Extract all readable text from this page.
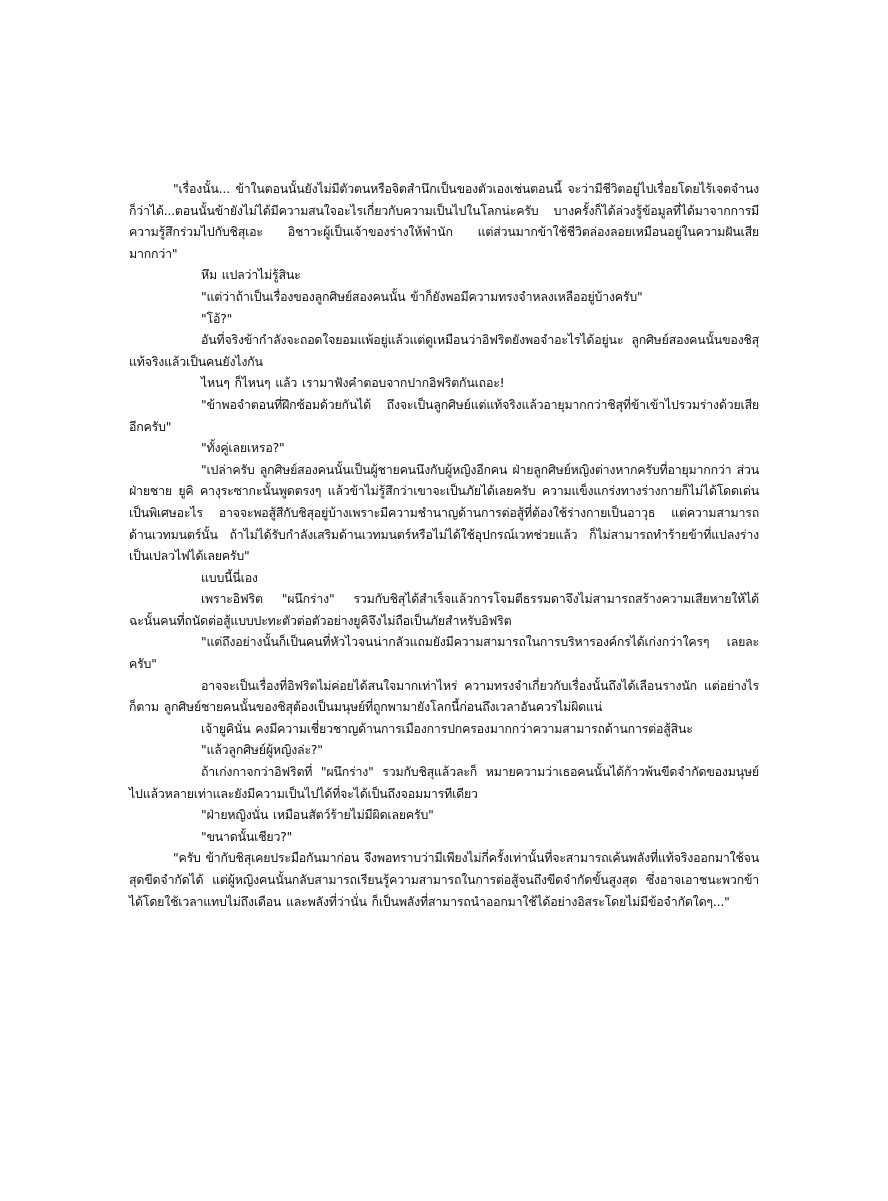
"เรื่องนั้น... ข้าในตอนนั้นยังไม่มีตัวตนหรือจิตสำนึกเป็นของตัวเองเช่นตอนนี้ จะว่ามีชีวิตอยู่ไปเรื่อยโดยไร้เจตจำนงก็ว่าได้...ตอนนั้นข้ายังไม่ได้มีความสนใจอะไรเกี่ยวกับความเป็นไปในโลกน่ะครับ บางครั้งก็ได้ล่วงรู้ข้อมูลที่ได้มาจากการมีความรู้สึกร่วมไปกับชิสุเอะ อิชาวะผู้เป็นเจ้าของร่างให้พำนัก แต่ส่วนมากข้าใช้ชีวิตล่องลอยเหมือนอยู่ในความฝันเสียมากกว่า"

หึม แปลว่าไม่รู้สินะ

"แต่ว่าถ้าเป็นเรื่องของลูกศิษย์สองคนนั้น ข้าก็ยังพอมีความทรงจำหลงเหลืออยู่บ้างครับ"

"โอ้?"

อันที่จริงข้ากำลังจะถอดใจยอมแพ้อยู่แล้วแต่ดูเหมือนว่าอิฟริตยังพอจำอะไรได้อยู่นะ ลูกศิษย์สองคนนั้นของชิสุแท้จริงแล้วเป็นคนยังไงกัน

ไหนๆ ก็ไหนๆ แล้ว เรามาฟังคำตอบจากปากอิฟริตกันเถอะ!

"ข้าพอจำตอนที่ฝึกซ้อมด้วยกันได้ ถึงจะเป็นลูกศิษย์แต่แท้จริงแล้วอายุมากกว่าชิสุที่ข้าเข้าไปรวมร่างด้วยเสียอีกครับ"

"ทั้งคู่เลยเหรอ?"

"เปล่าครับ ลูกศิษย์สองคนนั้นเป็นผู้ชายคนนึงกับผู้หญิงอีกคน ฝ่ายลูกศิษย์หญิงต่างหากครับที่อายุมากกว่า ส่วนฝ่ายชาย ยูคิ คางุระซากะนั้นพูดตรงๆ แล้วข้าไม่รู้สึกว่าเขาจะเป็นภัยได้เลยครับ ความแข็งแกร่งทางร่างกายก็ไม่ได้โดดเด่นเป็นพิเศษอะไร อาจจะพอสู้สีกับชิสุอยู่บ้างเพราะมีความชำนาญด้านการต่อสู้ที่ต้องใช้ร่างกายเป็นอาวุธ แต่ความสามารถด้านเวทมนตร์นั้น ถ้าไม่ได้รับกำลังเสริมด้านเวทมนตร์หรือไม่ได้ใช้อุปกรณ์เวทช่วยแล้ว ก็ไม่สามารถทำร้ายข้าที่แปลงร่างเป็นเปลวไฟได้เลยครับ"

แบบนี้นี่เอง

เพราะอิฟริต "ผนึกร่าง" รวมกับชิสุได้สำเร็จแล้วการโจมตีธรรมดาจึงไม่สามารถสร้างความเสียหายให้ได้ ฉะนั้นคนที่ถนัดต่อสู้แบบปะทะตัวต่อตัวอย่างยูคิจึงไม่ถือเป็นภัยสำหรับอิฟริต

"แต่ถึงอย่างนั้นก็เป็นคนที่หัวไวจนน่ากลัวแถมยังมีความสามารถในการบริหารองค์กรได้เก่งกว่าใครๆ เลยละครับ"

อาจจะเป็นเรื่องที่อิฟริตไม่ค่อยได้สนใจมากเท่าไหร่ ความทรงจำเกี่ยวกับเรื่องนั้นถึงได้เลือนรางนัก แต่อย่างไรก็ตาม ลูกศิษย์ชายคนนั้นของชิสุต้องเป็นมนุษย์ที่ถูกพามายังโลกนี้ก่อนถึงเวลาอันควรไม่ผิดแน่

เจ้ายูคินั่น คงมีความเชี่ยวชาญด้านการเมืองการปกครองมากกว่าความสามารถด้านการต่อสู้สินะ

"แล้วลูกศิษย์ผู้หญิงล่ะ?"

ถ้าเก่งกาจกว่าอิฟริตที่ "ผนึกร่าง" รวมกับชิสุแล้วละก็ หมายความว่าเธอคนนั้นได้ก้าวพ้นขีดจำกัดของมนุษย์ไปแล้วหลายเท่าและยังมีความเป็นไปได้ที่จะได้เป็นถึงจอมมารทีเดียว

"ฝ่ายหญิงนั่น เหมือนสัตว์ร้ายไม่มีผิดเลยครับ"

"ขนาดนั้นเชียว?"

"ครับ ข้ากับชิสุเคยประมือกันมาก่อน จึงพอทราบว่ามีเพียงไม่กี่ครั้งเท่านั้นที่จะสามารถเค้นพลังที่แท้จริงออกมาใช้จนสุดขีดจำกัดได้ แต่ผู้หญิงคนนั้นกลับสามารถเรียนรู้ความสามารถในการต่อสู้จนถึงขีดจำกัดขั้นสูงสุด ซึ่งอาจเอาชนะพวกข้าได้โดยใช้เวลาแทบไม่ถึงเดือน และพลังที่ว่านั่น ก็เป็นพลังที่สามารถนำออกมาใช้ได้อย่างอิสระโดยไม่มีข้อจำกัดใดๆ..."
